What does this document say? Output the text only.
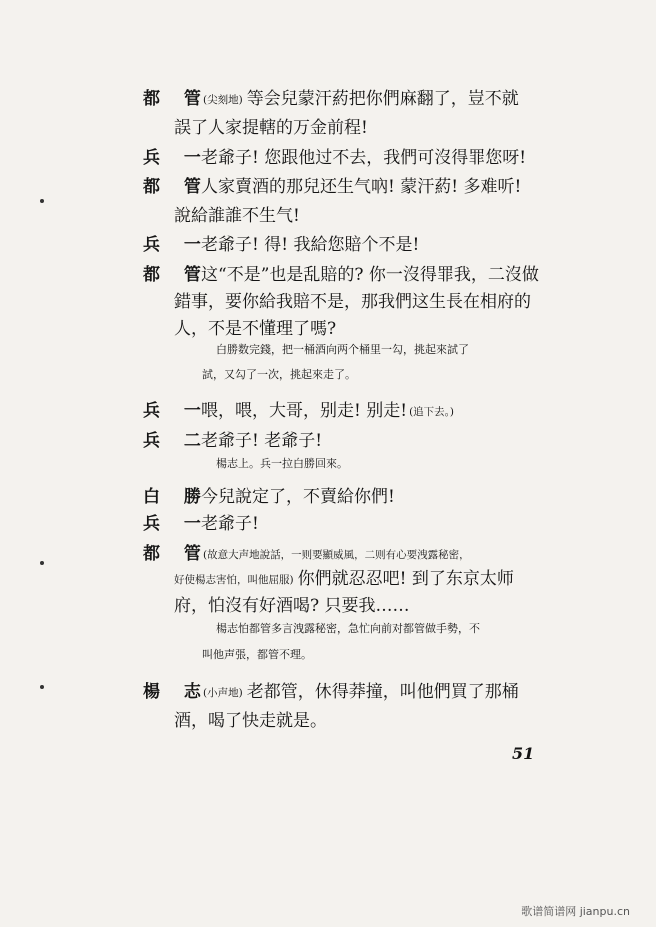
都 管(尖刻地) 等会兒蒙汗葯把你們麻翻了，豈不就
誤了人家提轄的万金前程!
兵 一老爺子! 您跟他过不去，我們可沒得罪您呀!
都 管人家賣酒的那兒还生气吶! 蒙汗葯! 多难听!
說給誰誰不生气!
兵 一老爺子! 得! 我給您賠个不是!
都 管这“不是”也是乱賠的? 你一沒得罪我，二沒做
錯事，要你給我賠不是，那我們这生長在相府的
人，不是不懂理了嗎?
白勝数完錢，把一桶酒向两个桶里一勾，挑起來試了
試，又勾了一次，挑起來走了。
兵 一喂，喂，大哥，别走! 别走! (追下去。)
兵 二老爺子! 老爺子!
楊志上。兵一拉白勝回來。
白 勝今兒說定了，不賣給你們!
兵 一老爺子!
都 管(故意大声地說話，一则要顯威風，二则有心要洩露秘密，
好使楊志害怕，叫他屈服) 你們就忍忍吧! 到了东京太师
府，怕沒有好酒喝? 只要我……
楊志怕都管多言洩露秘密，急忙向前对都管做手勢，不
叫他声張，都管不理。
楊 志(小声地) 老都管，休得莽撞，叫他們買了那桶
酒，喝了快走就是。
51
歌谱简谱网 jianpu.cn
